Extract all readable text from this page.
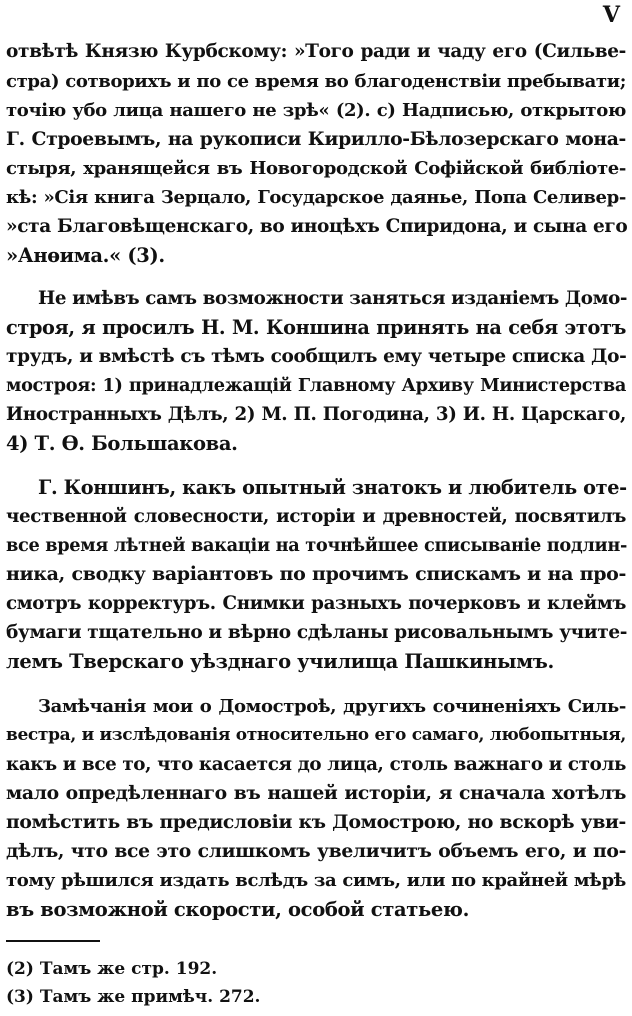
V
отвѣтѣ Князю Курбскому: »Того ради и чаду его (Сильве-
стра) сотворихъ и по се время во благоденствіи пребывати;
точію убо лица нашего не зрѣ« (2). с) Надписью, открытою
Г. Строевымъ, на рукописи Кирилло-Бѣлозерскаго мона-
стыря, хранящейся въ Новогородской Софійской библіоте-
кѣ: »Сія книга Зерцало, Государское даянье, Попа Селивер-
»ста Благовѣщенскаго, во иноцѣхъ Спиридона, и сына его
»Анѳима.« (3).
Не имѣвъ самъ возможности заняться изданіемъ Домо-
строя, я просилъ Н. М. Коншина принять на себя этотъ
трудъ, и вмѣстѣ съ тѣмъ сообщилъ ему четыре списка До-
мостроя: 1) принадлежащій Главному Архиву Министерства
Иностранныхъ Дѣлъ, 2) М. П. Погодина, 3) И. Н. Царскаго,
4) Т. Ѳ. Большакова.
Г. Коншинъ, какъ опытный знатокъ и любитель оте-
чественной словесности, исторіи и древностей, посвятилъ
все время лѣтней вакаціи на точнѣйшее списываніе подлин-
ника, сводку варіантовъ по прочимъ спискамъ и на про-
смотръ корректуръ. Снимки разныхъ почерковъ и клеймъ
бумаги тщательно и вѣрно сдѣланы рисовальнымъ учите-
лемъ Тверскаго уѣзднаго училища Пашкинымъ.
Замѣчанія мои о Домостроѣ, другихъ сочиненіяхъ Силь-
вестра, и изслѣдованія относительно его самаго, любопытныя,
какъ и все то, что касается до лица, столь важнаго и столь
мало опредѣленнаго въ нашей исторіи, я сначала хотѣлъ
помѣстить въ предисловіи къ Домострою, но вскорѣ уви-
дѣлъ, что все это слишкомъ увеличитъ объемъ его, и по-
тому рѣшился издать вслѣдъ за симъ, или по крайней мѣрѣ
въ возможной скорости, особой статьею.
(2) Тамъ же стр. 192.
(3) Тамъ же примѣч. 272.
